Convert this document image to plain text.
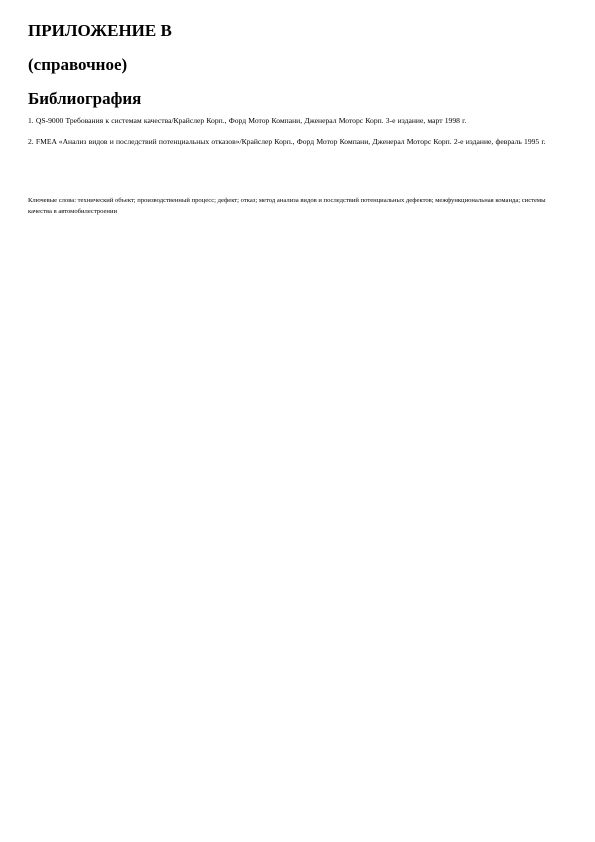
ПРИЛОЖЕНИЕ В
(справочное)
Библиография

1. QS-9000 Требования к системам качества/Крайслер Корп., Форд Мотор Компани, Дженерал Моторс Корп. 3-е издание, март 1998 г.

2. FMEA «Анализ видов и последствий потенциальных отказов»/Крайслер Корп., Форд Мотор Компани, Дженерал Моторс Корп. 2-е издание, февраль 1995 г.

Ключевые слова: технический объект; производственный процесс; дефект; отказ; метод анализа видов и последствий потенциальных дефектов; межфункциональная команда; системы качества в автомобилестроении
